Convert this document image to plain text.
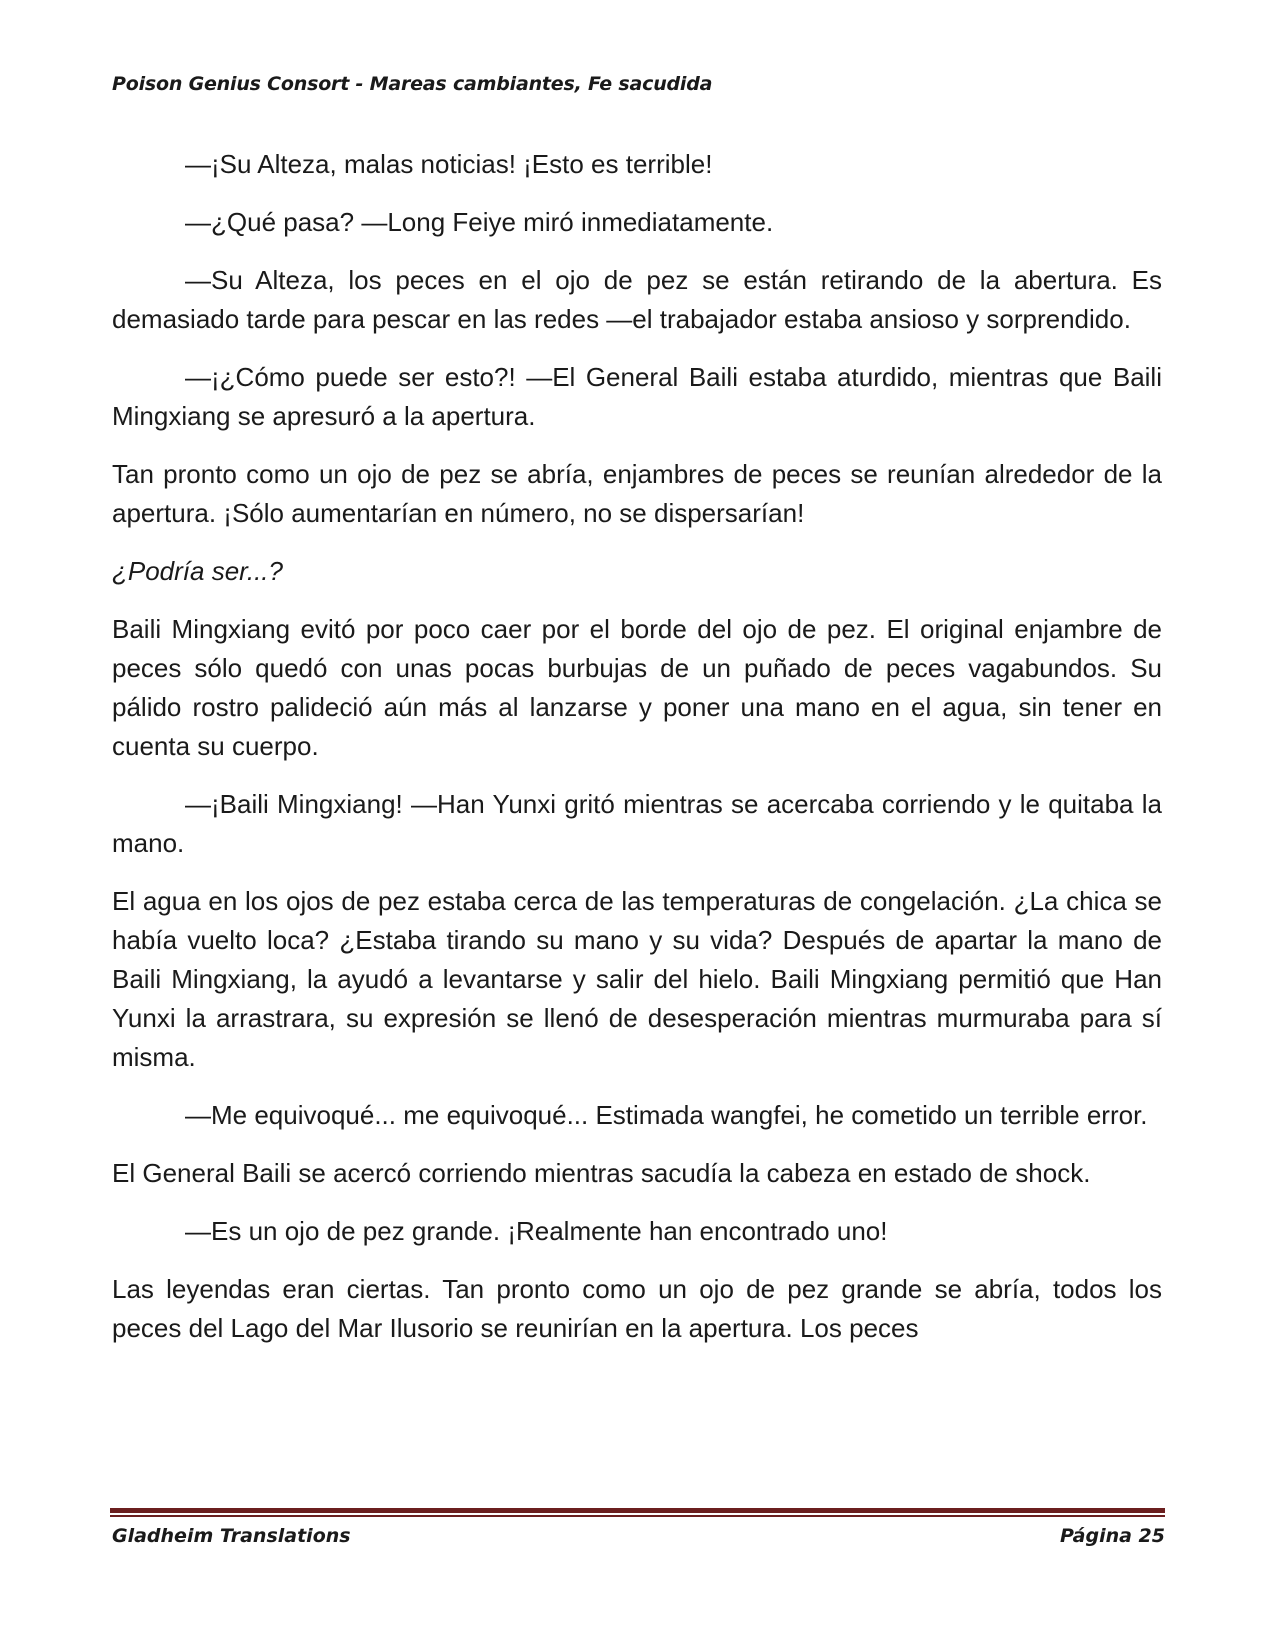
Poison Genius Consort - Mareas cambiantes, Fe sacudida

—¡Su Alteza, malas noticias! ¡Esto es terrible!

—¿Qué pasa? —Long Feiye miró inmediatamente.

—Su Alteza, los peces en el ojo de pez se están retirando de la abertura. Es demasiado tarde para pescar en las redes —el trabajador estaba ansioso y sorprendido.

—¡¿Cómo puede ser esto?! —El General Baili estaba aturdido, mientras que Baili Mingxiang se apresuró a la apertura.

Tan pronto como un ojo de pez se abría, enjambres de peces se reunían alrededor de la apertura. ¡Sólo aumentarían en número, no se dispersarían!

¿Podría ser...?

Baili Mingxiang evitó por poco caer por el borde del ojo de pez. El original enjambre de peces sólo quedó con unas pocas burbujas de un puñado de peces vagabundos. Su pálido rostro palideció aún más al lanzarse y poner una mano en el agua, sin tener en cuenta su cuerpo.

—¡Baili Mingxiang! —Han Yunxi gritó mientras se acercaba corriendo y le quitaba la mano.

El agua en los ojos de pez estaba cerca de las temperaturas de congelación. ¿La chica se había vuelto loca? ¿Estaba tirando su mano y su vida? Después de apartar la mano de Baili Mingxiang, la ayudó a levantarse y salir del hielo. Baili Mingxiang permitió que Han Yunxi la arrastrara, su expresión se llenó de desesperación mientras murmuraba para sí misma.

—Me equivoqué... me equivoqué... Estimada wangfei, he cometido un terrible error.

El General Baili se acercó corriendo mientras sacudía la cabeza en estado de shock.

—Es un ojo de pez grande. ¡Realmente han encontrado uno!

Las leyendas eran ciertas. Tan pronto como un ojo de pez grande se abría, todos los peces del Lago del Mar Ilusorio se reunirían en la apertura. Los peces

Gladheim Translations	Página 25
